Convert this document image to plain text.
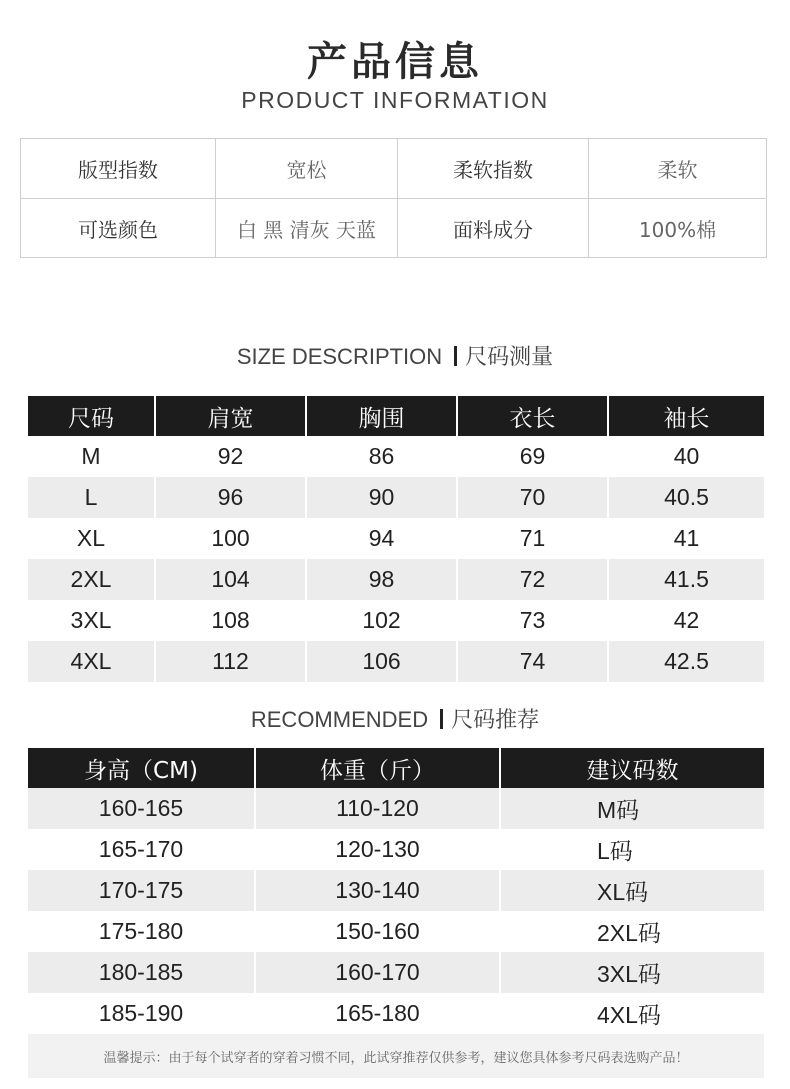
产品信息
PRODUCT INFORMATION
版型指数	宽松	柔软指数	柔软
可选颜色	白 黑 清灰 天蓝	面料成分	100%棉
SIZE DESCRIPTION 尺码测量
尺码	肩宽	胸围	衣长	袖长
M	92	86	69	40
L	96	90	70	40.5
XL	100	94	71	41
2XL	104	98	72	41.5
3XL	108	102	73	42
4XL	112	106	74	42.5
RECOMMENDED 尺码推荐
身高（CM)	体重（斤）	建议码数
160-165	110-120	M码
165-170	120-130	L码
170-175	130-140	XL码
175-180	150-160	2XL码
180-185	160-170	3XL码
185-190	165-180	4XL码
温馨提示：由于每个试穿者的穿着习惯不同，此试穿推荐仅供参考，建议您具体参考尺码表选购产品！
